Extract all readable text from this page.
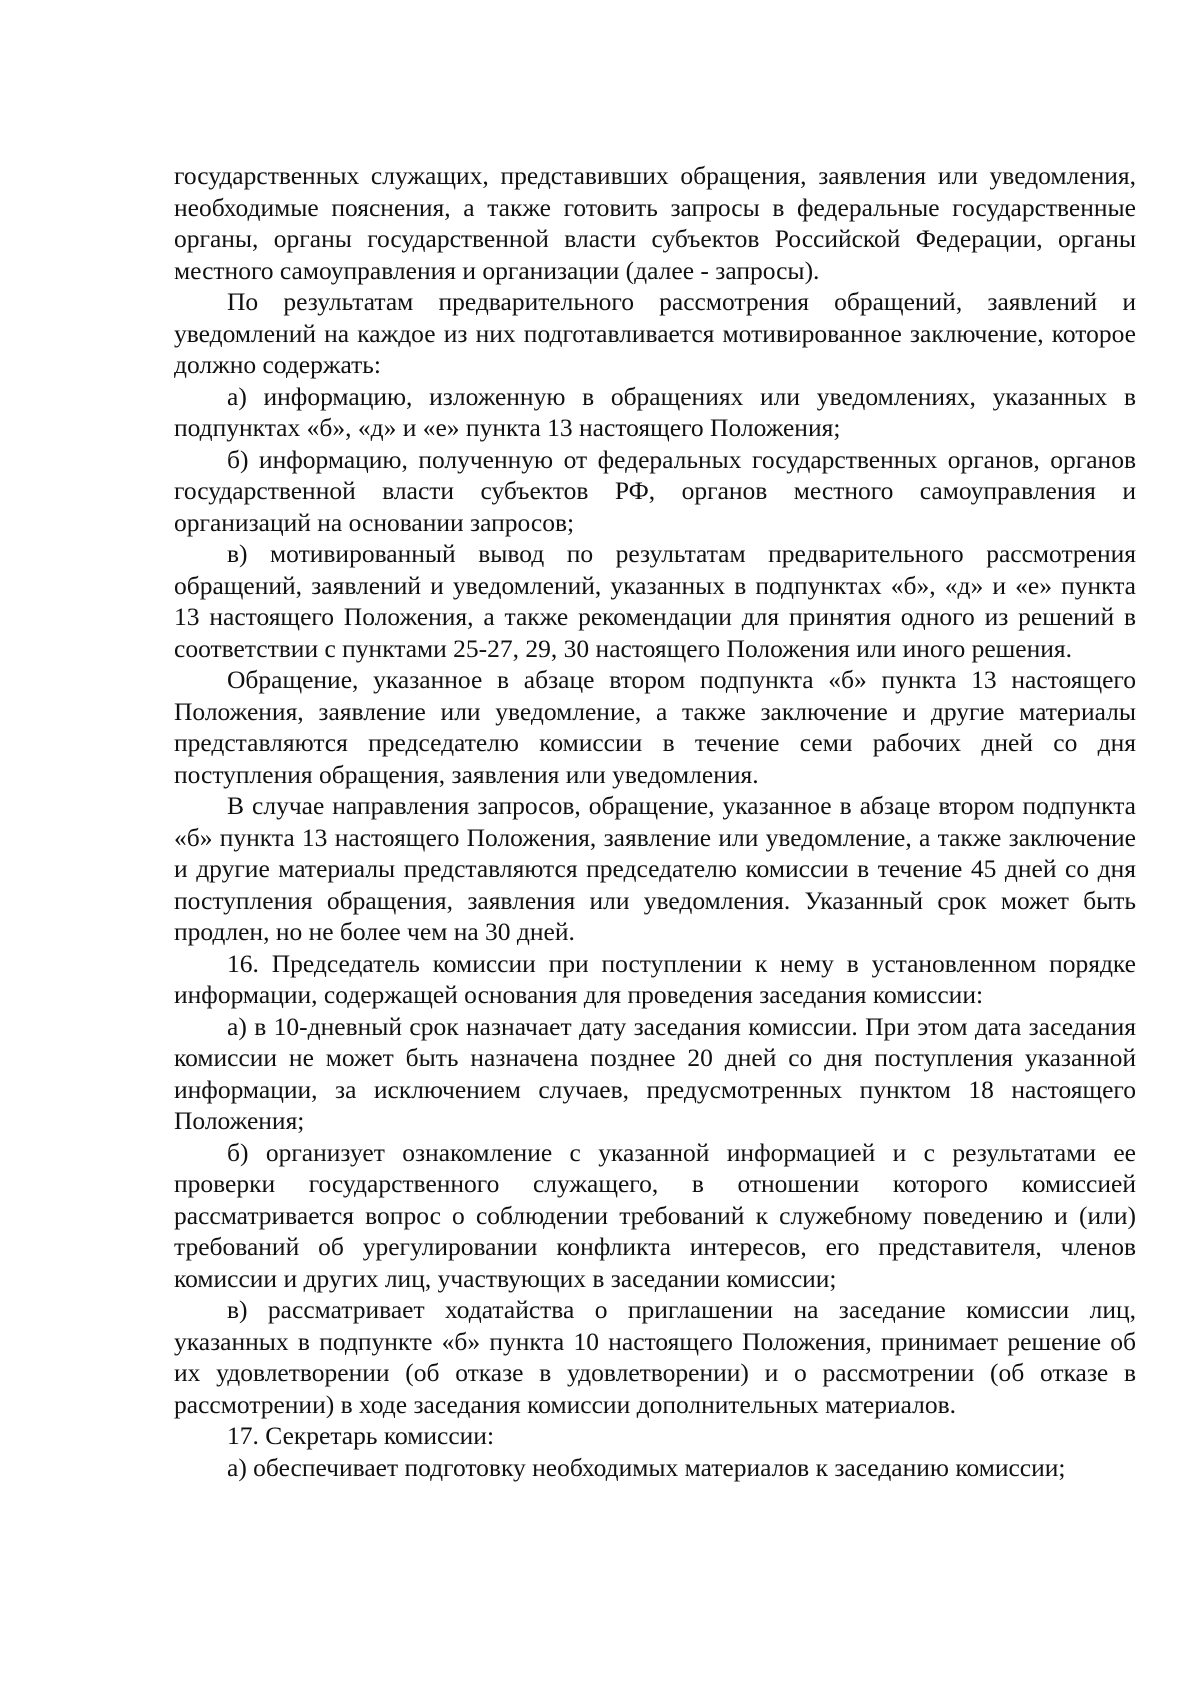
государственных служащих, представивших обращения, заявления или уведомления, необходимые пояснения, а также готовить запросы в федеральные государственные органы, органы государственной власти субъектов Российской Федерации, органы местного самоуправления и организации (далее - запросы).

По результатам предварительного рассмотрения обращений, заявлений и уведомлений на каждое из них подготавливается мотивированное заключение, которое должно содержать:

а) информацию, изложенную в обращениях или уведомлениях, указанных в подпунктах «б», «д» и «е» пункта 13 настоящего Положения;

б) информацию, полученную от федеральных государственных органов, органов государственной власти субъектов РФ, органов местного самоуправления и организаций на основании запросов;

в) мотивированный вывод по результатам предварительного рассмотрения обращений, заявлений и уведомлений, указанных в подпунктах «б», «д» и «е» пункта 13 настоящего Положения, а также рекомендации для принятия одного из решений в соответствии с пунктами 25-27, 29, 30 настоящего Положения или иного решения.

Обращение, указанное в абзаце втором подпункта «б» пункта 13 настоящего Положения, заявление или уведомление, а также заключение и другие материалы представляются председателю комиссии в течение семи рабочих дней со дня поступления обращения, заявления или уведомления.

В случае направления запросов, обращение, указанное в абзаце втором подпункта «б» пункта 13 настоящего Положения, заявление или уведомление, а также заключение и другие материалы представляются председателю комиссии в течение 45 дней со дня поступления обращения, заявления или уведомления. Указанный срок может быть продлен, но не более чем на 30 дней.

16. Председатель комиссии при поступлении к нему в установленном порядке информации, содержащей основания для проведения заседания комиссии:

а) в 10-дневный срок назначает дату заседания комиссии. При этом дата заседания комиссии не может быть назначена позднее 20 дней со дня поступления указанной информации, за исключением случаев, предусмотренных пунктом 18 настоящего Положения;

б) организует ознакомление с указанной информацией и с результатами ее проверки государственного служащего, в отношении которого комиссией рассматривается вопрос о соблюдении требований к служебному поведению и (или) требований об урегулировании конфликта интересов, его представителя, членов комиссии и других лиц, участвующих в заседании комиссии;

в) рассматривает ходатайства о приглашении на заседание комиссии лиц, указанных в подпункте «б» пункта 10 настоящего Положения, принимает решение об их удовлетворении (об отказе в удовлетворении) и о рассмотрении (об отказе в рассмотрении) в ходе заседания комиссии дополнительных материалов.

17. Секретарь комиссии:

а) обеспечивает подготовку необходимых материалов к заседанию комиссии;
